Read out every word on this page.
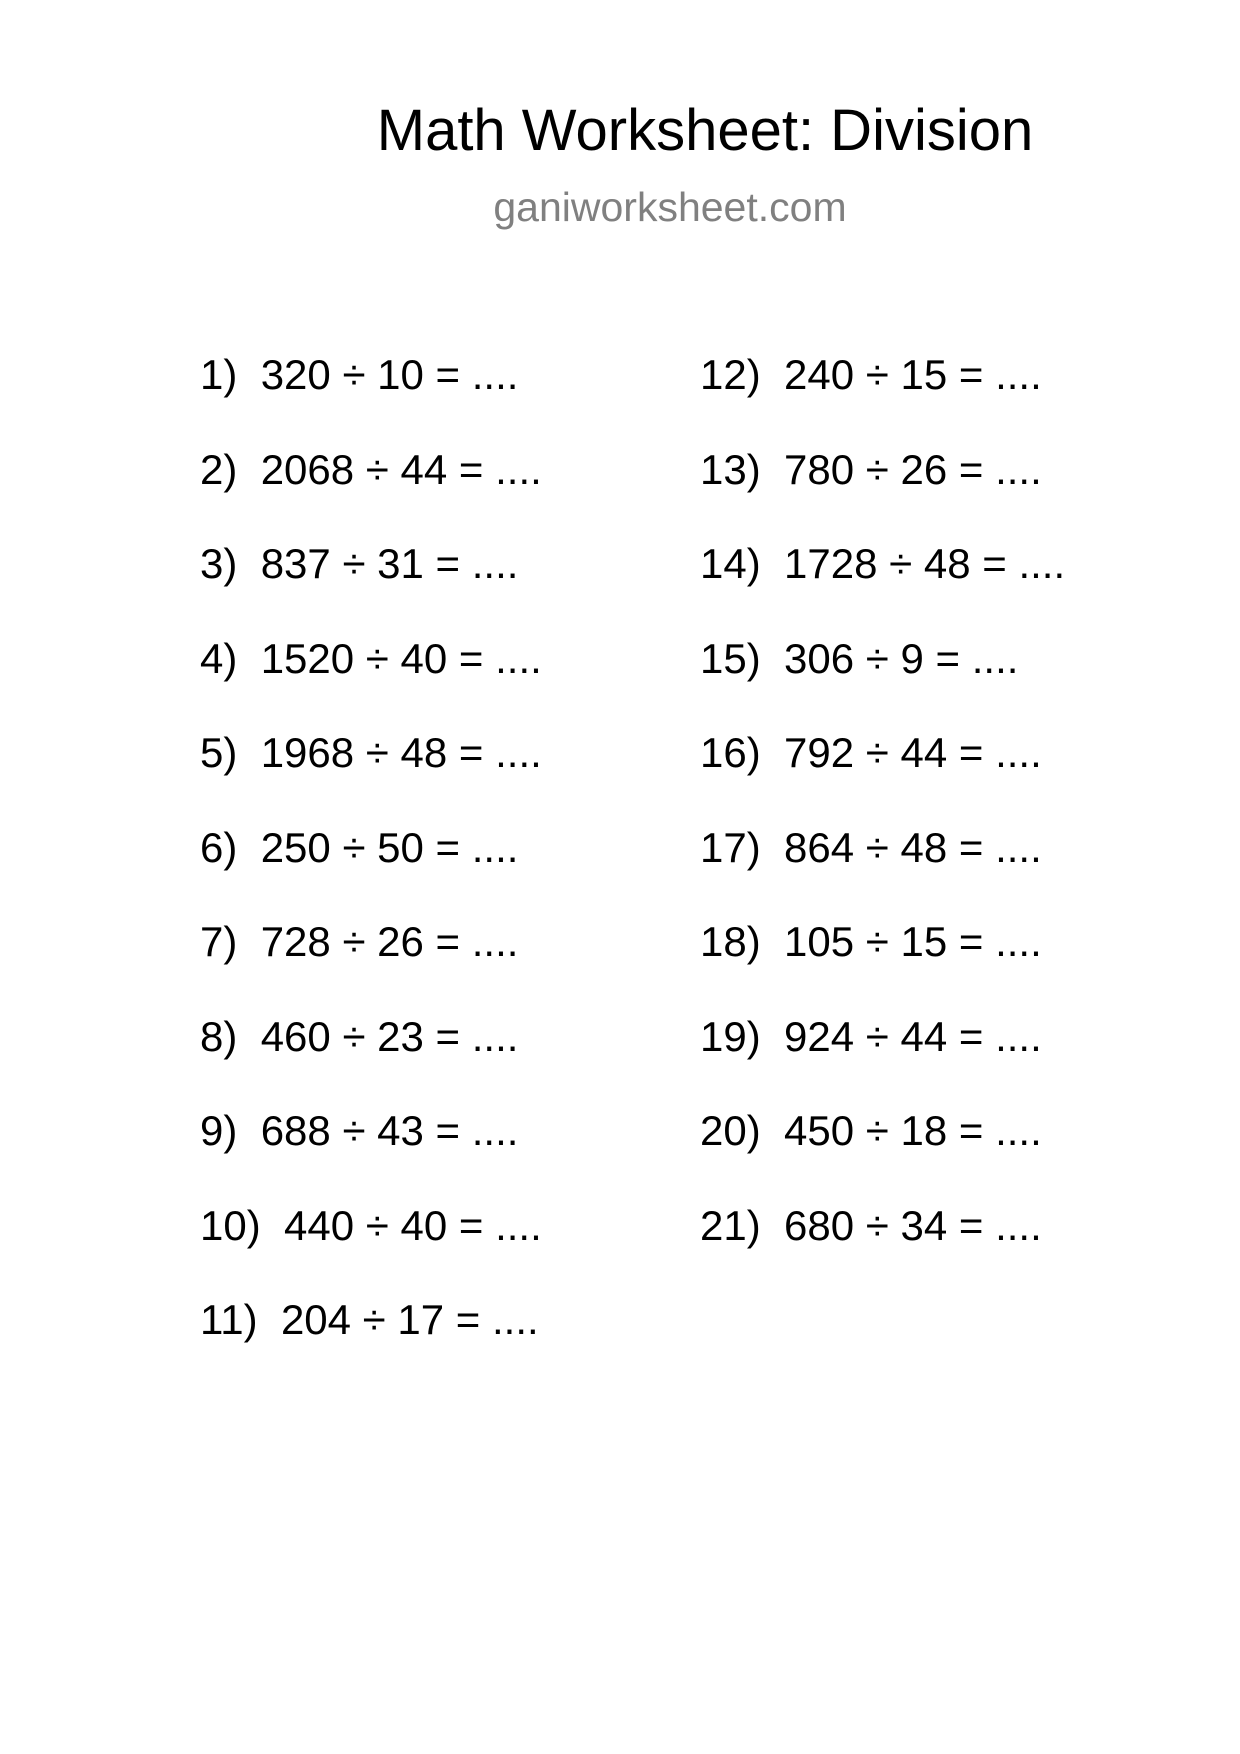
Math Worksheet: Division
ganiworksheet.com
1) 320 ÷ 10 = ....
2) 2068 ÷ 44 = ....
3) 837 ÷ 31 = ....
4) 1520 ÷ 40 = ....
5) 1968 ÷ 48 = ....
6) 250 ÷ 50 = ....
7) 728 ÷ 26 = ....
8) 460 ÷ 23 = ....
9) 688 ÷ 43 = ....
10) 440 ÷ 40 = ....
11) 204 ÷ 17 = ....
12) 240 ÷ 15 = ....
13) 780 ÷ 26 = ....
14) 1728 ÷ 48 = ....
15) 306 ÷ 9 = ....
16) 792 ÷ 44 = ....
17) 864 ÷ 48 = ....
18) 105 ÷ 15 = ....
19) 924 ÷ 44 = ....
20) 450 ÷ 18 = ....
21) 680 ÷ 34 = ....
